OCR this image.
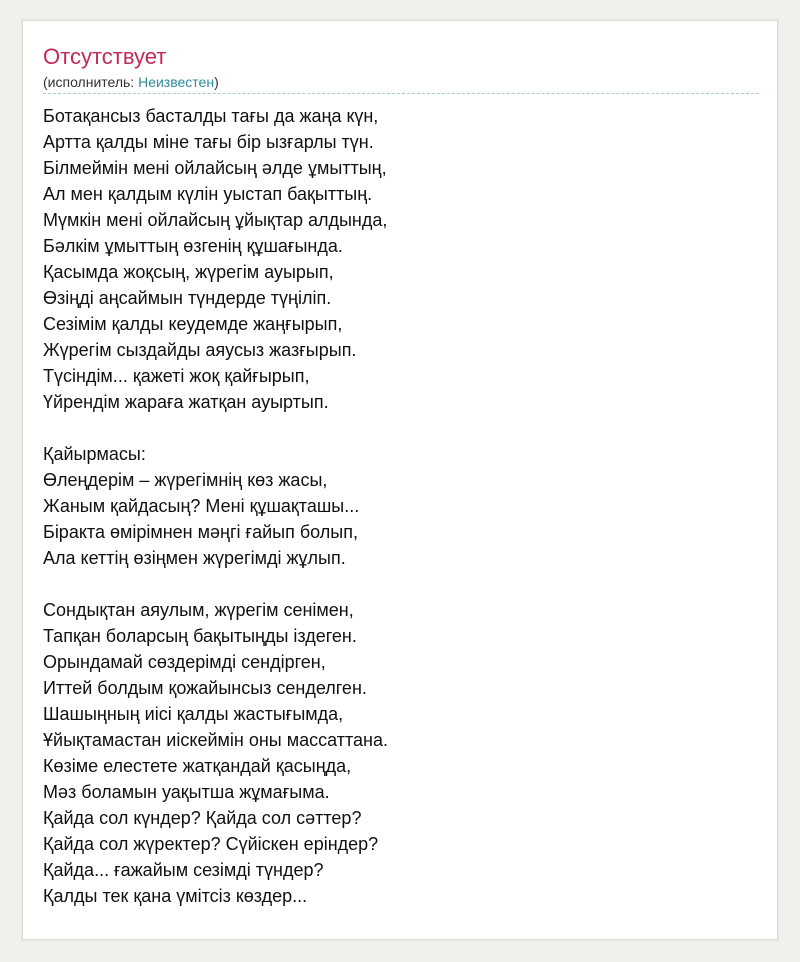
Отсутствует
(исполнитель: Неизвестен)
Ботақансыз басталды тағы да жаңа күн,
Артта қалды міне тағы бір ызғарлы түн.
Білмеймін мені ойлайсың әлде ұмыттың,
Ал мен қалдым күлін уыстап бақыттың.
Мүмкін мені ойлайсың ұйықтар алдында,
Бәлкім ұмыттың өзгенің құшағында.
Қасымда жоқсың, жүрегім ауырып,
Өзіңді аңсаймын түндерде түңіліп.
Сезімім қалды кеудемде жаңғырып,
Жүрегім сыздайды аяусыз жазғырып.
Түсіндім... қажеті жоқ қайғырып,
Үйрендім жараға жатқан ауыртып.
Қайырмасы:
Өлеңдерім – жүрегімнің көз жасы,
Жаным қайдасың? Мені құшақташы...
Біракта өмірімнен мәңгі ғайып болып,
Ала кеттің өзіңмен жүрегімді жұлып.
Сондықтан аяулым, жүрегім сенімен,
Тапқан боларсың бақытыңды іздеген.
Орындамай сөздерімді сендірген,
Иттей болдым қожайынсыз сенделген.
Шашыңның иісі қалды жастығымда,
Ұйықтамастан иіскеймін оны массаттана.
Көзіме елестете жатқандай қасыңда,
Мәз боламын уақытша жұмағыма.
Қайда сол күндер? Қайда сол сәттер?
Қайда сол жүректер? Сүйіскен еріндер?
Қайда... ғажайым сезімді түндер?
Қалды тек қана үмітсіз көздер...
